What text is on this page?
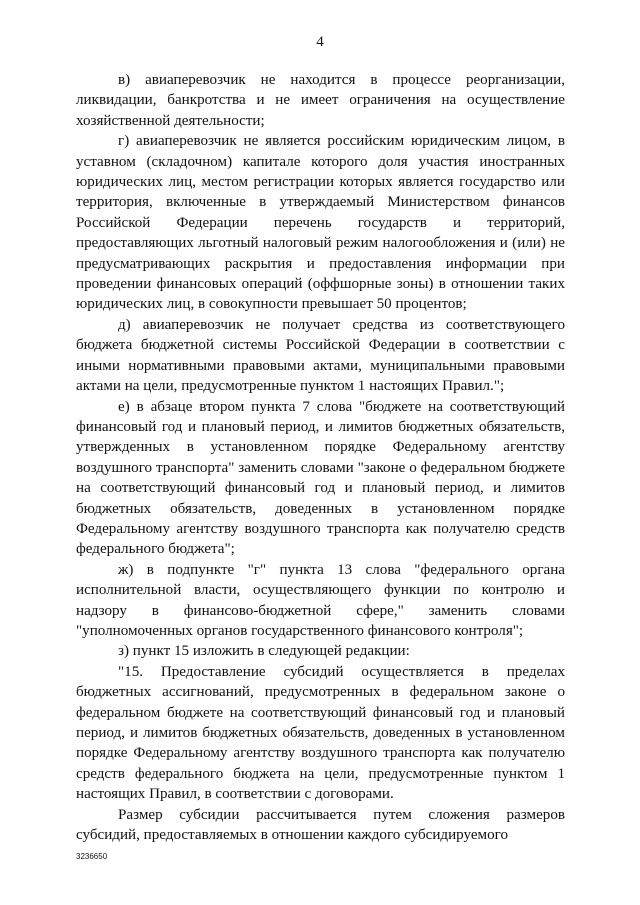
4

в) авиаперевозчик не находится в процессе реорганизации, ликвидации, банкротства и не имеет ограничения на осуществление хозяйственной деятельности;

г) авиаперевозчик не является российским юридическим лицом, в уставном (складочном) капитале которого доля участия иностранных юридических лиц, местом регистрации которых является государство или территория, включенные в утверждаемый Министерством финансов Российской Федерации перечень государств и территорий, предоставляющих льготный налоговый режим налогообложения и (или) не предусматривающих раскрытия и предоставления информации при проведении финансовых операций (оффшорные зоны) в отношении таких юридических лиц, в совокупности превышает 50 процентов;

д) авиаперевозчик не получает средства из соответствующего бюджета бюджетной системы Российской Федерации в соответствии с иными нормативными правовыми актами, муниципальными правовыми актами на цели, предусмотренные пунктом 1 настоящих Правил.";

е) в абзаце втором пункта 7 слова "бюджете на соответствующий финансовый год и плановый период, и лимитов бюджетных обязательств, утвержденных в установленном порядке Федеральному агентству воздушного транспорта" заменить словами "законе о федеральном бюджете на соответствующий финансовый год и плановый период, и лимитов бюджетных обязательств, доведенных в установленном порядке Федеральному агентству воздушного транспорта как получателю средств федерального бюджета";

ж) в подпункте "г" пункта 13 слова "федерального органа исполнительной власти, осуществляющего функции по контролю и надзору в финансово-бюджетной сфере," заменить словами "уполномоченных органов государственного финансового контроля";

з) пункт 15 изложить в следующей редакции:

"15. Предоставление субсидий осуществляется в пределах бюджетных ассигнований, предусмотренных в федеральном законе о федеральном бюджете на соответствующий финансовый год и плановый период, и лимитов бюджетных обязательств, доведенных в установленном порядке Федеральному агентству воздушного транспорта как получателю средств федерального бюджета на цели, предусмотренные пунктом 1 настоящих Правил, в соответствии с договорами.

Размер субсидии рассчитывается путем сложения размеров субсидий, предоставляемых в отношении каждого субсидируемого

3236650
